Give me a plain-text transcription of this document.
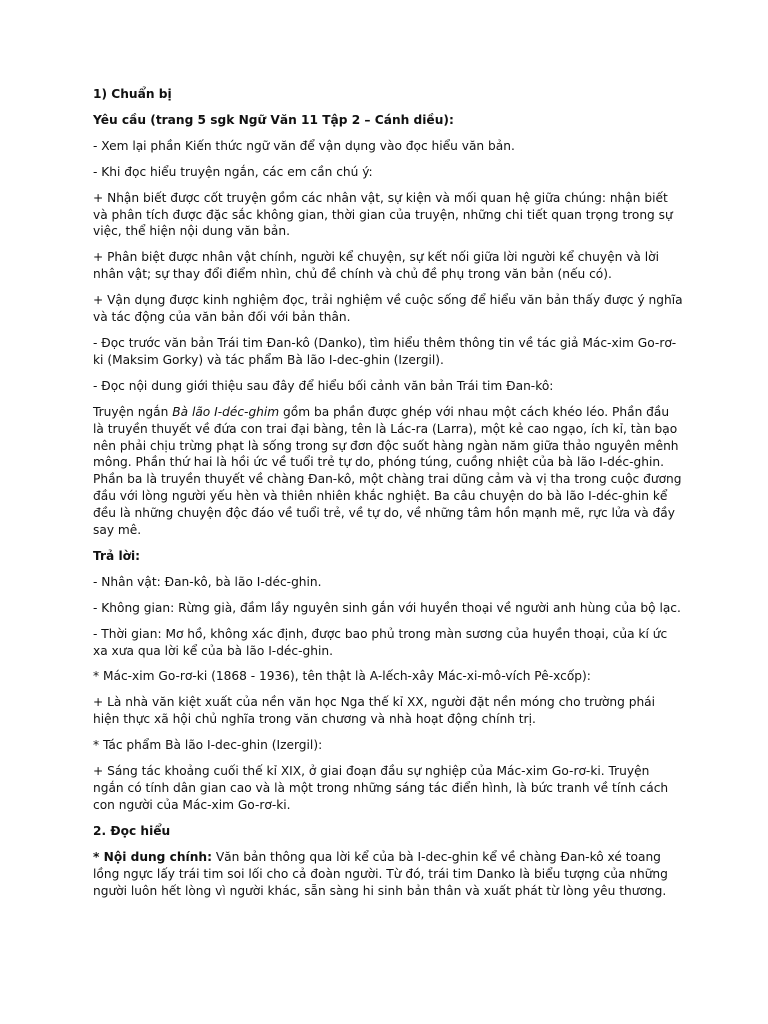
1) Chuẩn bị

Yêu cầu (trang 5 sgk Ngữ Văn 11 Tập 2 – Cánh diều):

- Xem lại phần Kiến thức ngữ văn để vận dụng vào đọc hiểu văn bản.

- Khi đọc hiểu truyện ngắn, các em cần chú ý:

+ Nhận biết được cốt truyện gồm các nhân vật, sự kiện và mối quan hệ giữa chúng: nhận biết và phân tích được đặc sắc không gian, thời gian của truyện, những chi tiết quan trọng trong sự việc, thể hiện nội dung văn bản.

+ Phân biệt được nhân vật chính, người kể chuyện, sự kết nối giữa lời người kể chuyện và lời nhân vật; sự thay đổi điểm nhìn, chủ đề chính và chủ đề phụ trong văn bản (nếu có).

+ Vận dụng được kinh nghiệm đọc, trải nghiệm về cuộc sống để hiểu văn bản thấy được ý nghĩa và tác động của văn bản đối với bản thân.

- Đọc trước văn bản Trái tim Đan-kô (Danko), tìm hiểu thêm thông tin về tác giả Mác-xim Go-rơ-ki (Maksim Gorky) và tác phẩm Bà lão I-dec-ghin (Izergil).

- Đọc nội dung giới thiệu sau đây để hiểu bối cảnh văn bản Trái tim Đan-kô:

Truyện ngắn Bà lão I-déc-ghim gồm ba phần được ghép với nhau một cách khéo léo. Phần đầu là truyền thuyết về đứa con trai đại bàng, tên là Lác-ra (Larra), một kẻ cao ngạo, ích kỉ, tàn bạo nên phải chịu trừng phạt là sống trong sự đơn độc suốt hàng ngàn năm giữa thảo nguyên mênh mông. Phần thứ hai là hồi ức về tuổi trẻ tự do, phóng túng, cuồng nhiệt của bà lão I-déc-ghin. Phần ba là truyền thuyết về chàng Đan-kô, một chàng trai dũng cảm và vị tha trong cuộc đương đầu với lòng người yếu hèn và thiên nhiên khắc nghiệt. Ba câu chuyện do bà lão I-déc-ghin kể đều là những chuyện độc đáo về tuổi trẻ, về tự do, về những tâm hồn mạnh mẽ, rực lửa và đầy say mê.

Trả lời:

- Nhân vật: Đan-kô, bà lão I-déc-ghin.

- Không gian: Rừng già, đầm lầy nguyên sinh gắn với huyền thoại về người anh hùng của bộ lạc.

- Thời gian: Mơ hồ, không xác định, được bao phủ trong màn sương của huyền thoại, của kí ức xa xưa qua lời kể của bà lão I-déc-ghin.

* Mác-xim Go-rơ-ki (1868 - 1936), tên thật là A-lếch-xây Mác-xi-mô-vích Pê-xcốp):

+ Là nhà văn kiệt xuất của nền văn học Nga thế kỉ XX, người đặt nền móng cho trường phái hiện thực xã hội chủ nghĩa trong văn chương và nhà hoạt động chính trị.

* Tác phẩm Bà lão I-dec-ghin (Izergil):

+ Sáng tác khoảng cuối thế kỉ XIX, ở giai đoạn đầu sự nghiệp của Mác-xim Go-rơ-ki. Truyện ngắn có tính dân gian cao và là một trong những sáng tác điển hình, là bức tranh về tính cách con người của Mác-xim Go-rơ-ki.

2. Đọc hiểu

* Nội dung chính: Văn bản thông qua lời kể của bà I-dec-ghin kể về chàng Đan-kô xé toang lồng ngực lấy trái tim soi lối cho cả đoàn người. Từ đó, trái tim Danko là biểu tượng của những người luôn hết lòng vì người khác, sẵn sàng hi sinh bản thân và xuất phát từ lòng yêu thương.
